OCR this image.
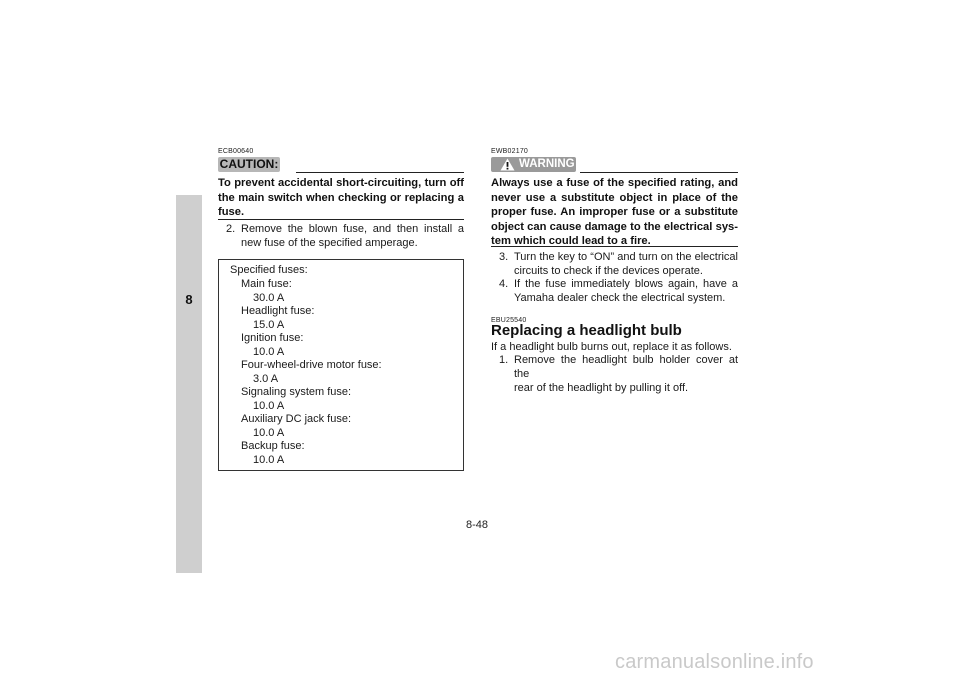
8
ECB00640
CAUTION:
To prevent accidental short-circuiting, turn off
the main switch when checking or replacing a
fuse.
2. Remove the blown fuse, and then install a
new fuse of the specified amperage.
Specified fuses:
Main fuse:
30.0 A
Headlight fuse:
15.0 A
Ignition fuse:
10.0 A
Four-wheel-drive motor fuse:
3.0 A
Signaling system fuse:
10.0 A
Auxiliary DC jack fuse:
10.0 A
Backup fuse:
10.0 A
EWB02170
WARNING
Always use a fuse of the specified rating, and
never use a substitute object in place of the
proper fuse. An improper fuse or a substitute
object can cause damage to the electrical sys-
tem which could lead to a fire.
3. Turn the key to “ON” and turn on the electrical
circuits to check if the devices operate.
4. If the fuse immediately blows again, have a
Yamaha dealer check the electrical system.
EBU25540
Replacing a headlight bulb
If a headlight bulb burns out, replace it as follows.
1. Remove the headlight bulb holder cover at the
rear of the headlight by pulling it off.
8-48
carmanualsonline.info
